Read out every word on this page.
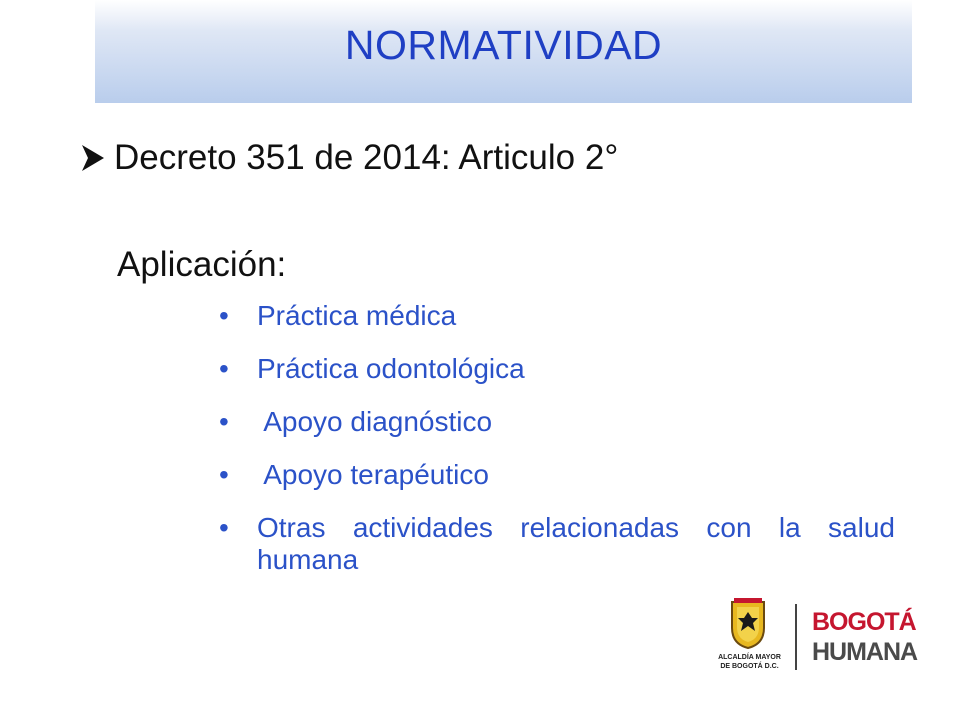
NORMATIVIDAD
Decreto 351 de 2014: Articulo 2°
Aplicación:
• Práctica médica
• Práctica odontológica
• Apoyo diagnóstico
• Apoyo terapéutico
• Otras actividades relacionadas con la salud humana
ALCALDÍA MAYOR
DE BOGOTÁ D.C.
BOGOTÁ
HUMANA
